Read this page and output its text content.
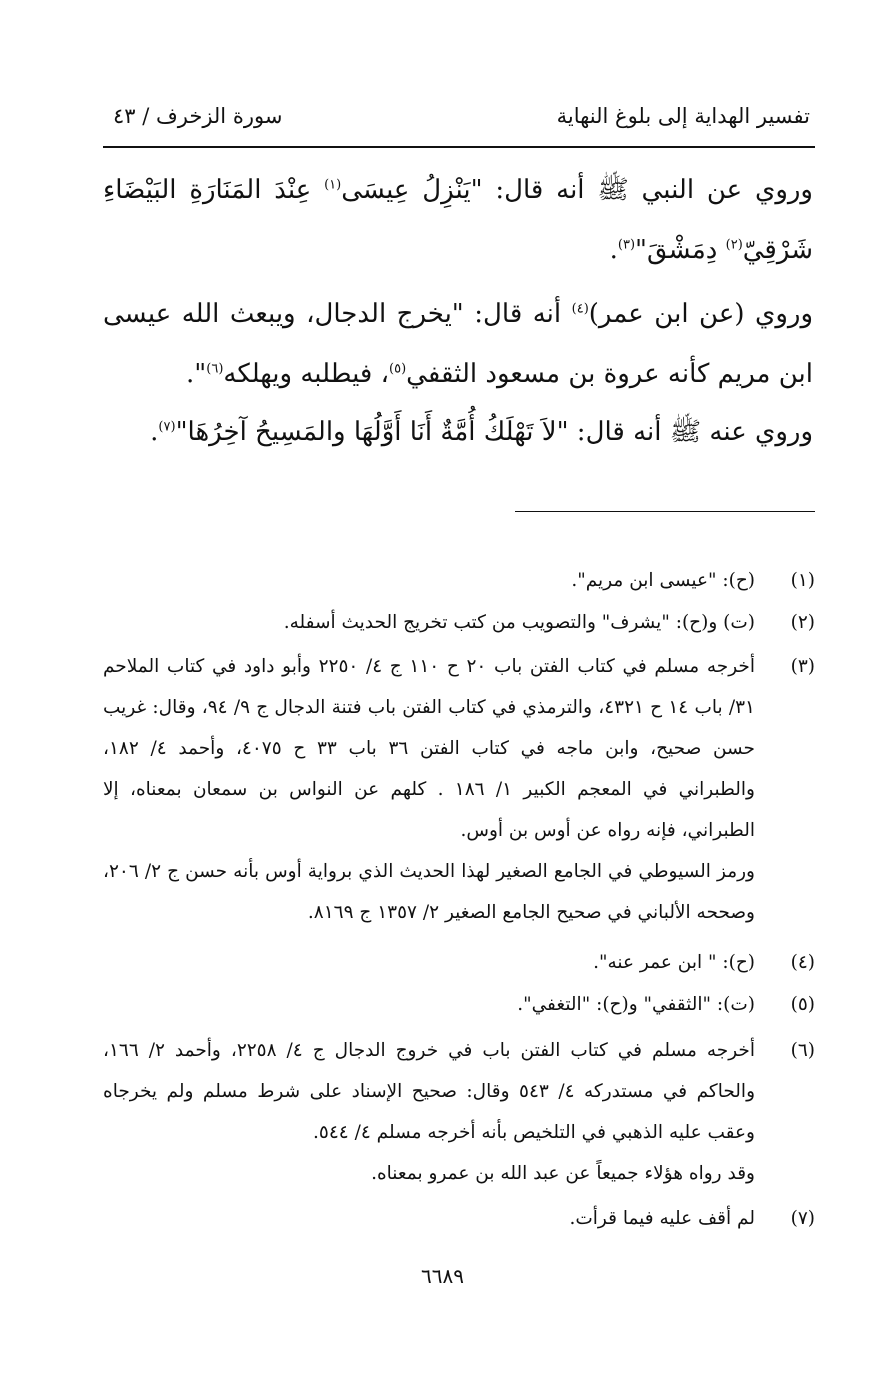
تفسير الهداية إلى بلوغ النهاية
سورة الزخرف / ٤٣

وروي عن النبي ﷺ أنه قال: "يَنْزِلُ عِيسَى$^{(١)}$ عِنْدَ المَنَارَةِ البَيْضَاءِ شَرْقِيّ$^{(٢)}$ دِمَشْقَ"$^{(٣)}$.

وروي (عن ابن عمر)$^{(٤)}$ أنه قال: "يخرج الدجال، ويبعث الله عيسى ابن مريم كأنه عروة بن مسعود الثقفي$^{(٥)}$، فيطلبه ويهلكه$^{(٦)}$".

وروي عنه ﷺ أنه قال: "لاَ تَهْلَكُ أُمَّةٌ أَنَا أَوَّلُهَا والمَسِيحُ آخِرُهَا"$^{(٧)}$.

(١)
(ح): "عيسى ابن مريم".
(٢)
(ت) و(ح): "يشرف" والتصويب من كتب تخريج الحديث أسفله.
(٣)
أخرجه مسلم في كتاب الفتن باب ٢٠ ح ١١٠ ج ٤/ ٢٢٥٠ وأبو داود في كتاب الملاحم ٣١/ باب ١٤ ح ٤٣٢١، والترمذي في كتاب الفتن باب فتنة الدجال ج ٩/ ٩٤، وقال: غريب حسن صحيح، وابن ماجه في كتاب الفتن ٣٦ باب ٣٣ ح ٤٠٧٥، وأحمد ٤/ ١٨٢، والطبراني في المعجم الكبير ١/ ١٨٦ . كلهم عن النواس بن سمعان بمعناه، إلا الطبراني، فإنه رواه عن أوس بن أوس.
ورمز السيوطي في الجامع الصغير لهذا الحديث الذي برواية أوس بأنه حسن ج ٢/ ٢٠٦، وصححه الألباني في صحيح الجامع الصغير ٢/ ١٣٥٧ ج ٨١٦٩.
(٤)
(ح): " ابن عمر عنه".
(٥)
(ت): "الثقفي" و(ح): "التغفي".
(٦)
أخرجه مسلم في كتاب الفتن باب في خروج الدجال ج ٤/ ٢٢٥٨، وأحمد ٢/ ١٦٦، والحاكم في مستدركه ٤/ ٥٤٣ وقال: صحيح الإسناد على شرط مسلم ولم يخرجاه وعقب عليه الذهبي في التلخيص بأنه أخرجه مسلم ٤/ ٥٤٤.
وقد رواه هؤلاء جميعاً عن عبد الله بن عمرو بمعناه.
(٧)
لم أقف عليه فيما قرأت.
٦٦٨٩
